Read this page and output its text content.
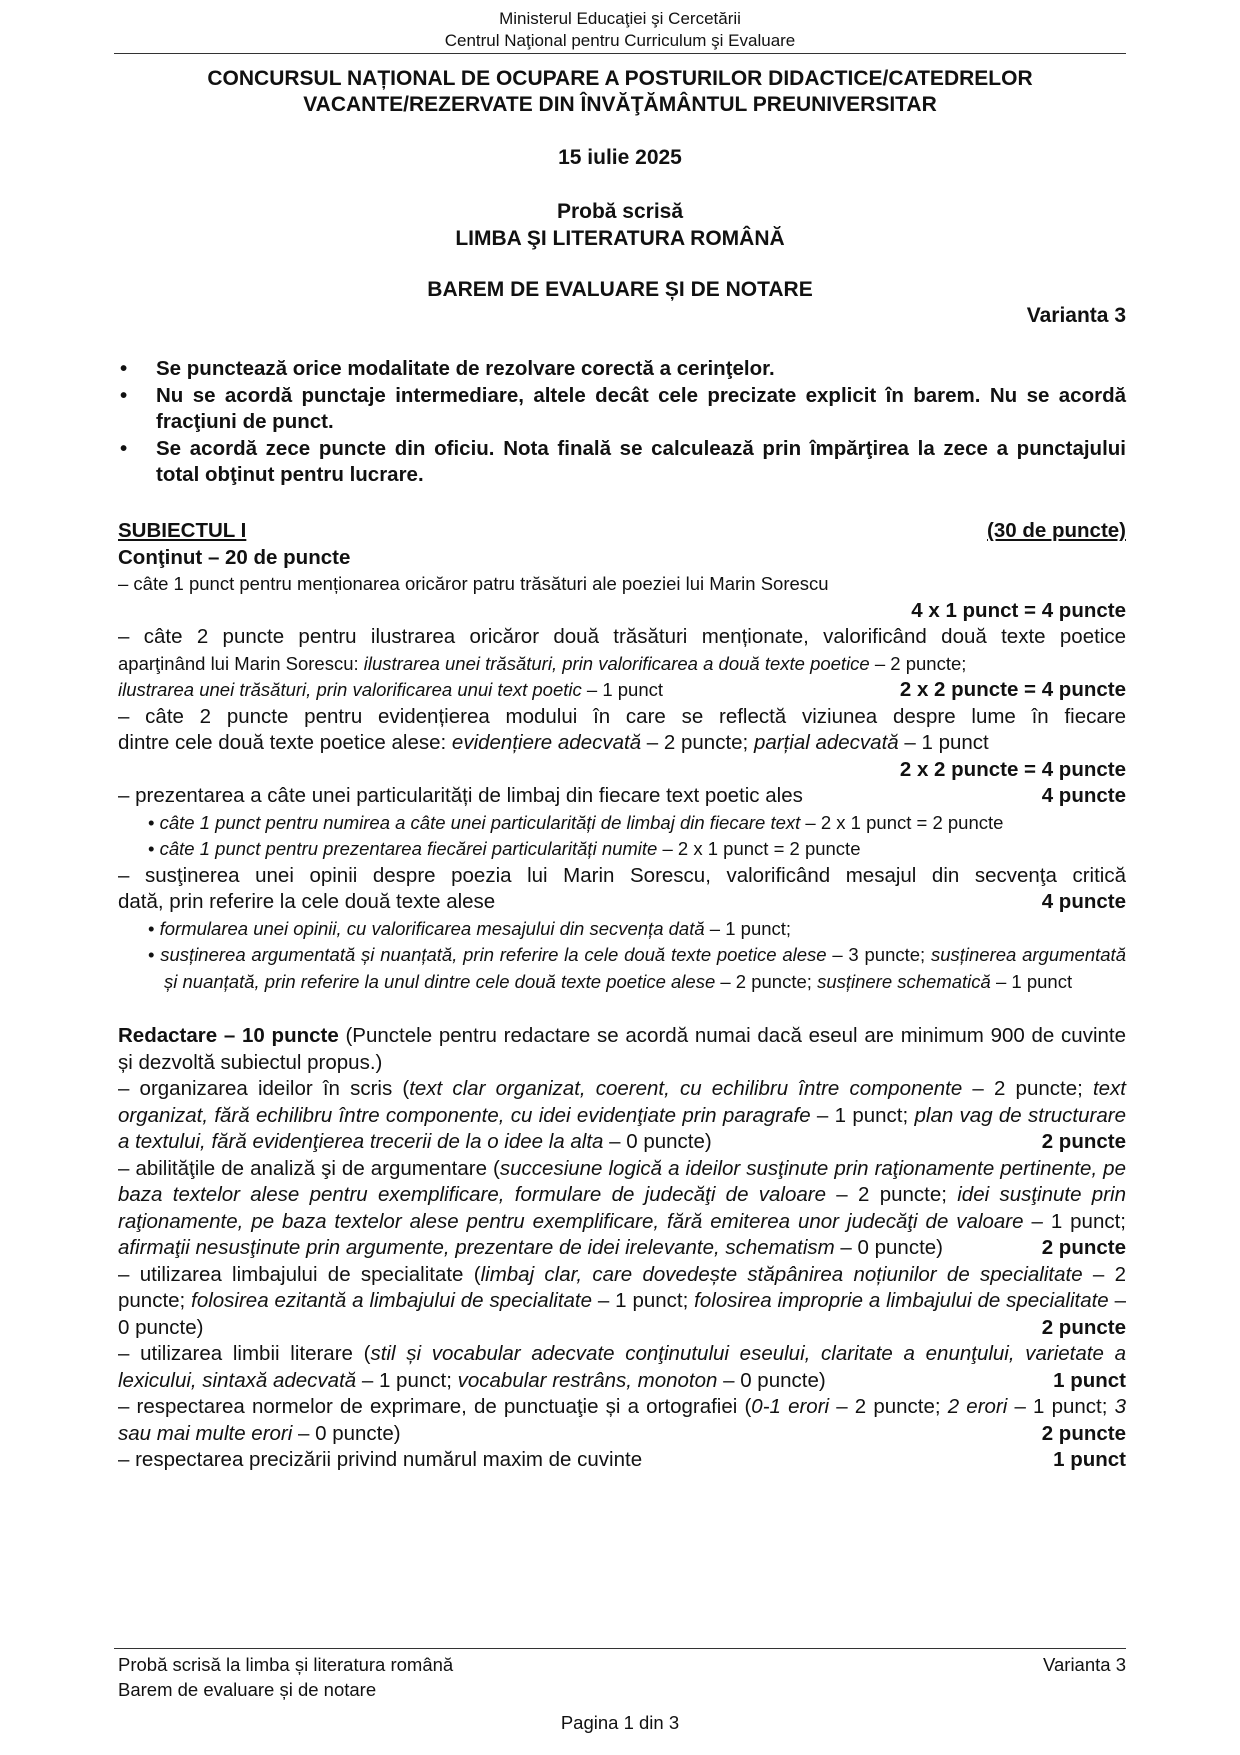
Ministerul Educaţiei şi Cercetării
Centrul Naţional pentru Curriculum şi Evaluare
CONCURSUL NAȚIONAL DE OCUPARE A POSTURILOR DIDACTICE/CATEDRELOR
VACANTE/REZERVATE DIN ÎNVĂŢĂMÂNTUL PREUNIVERSITAR
15 iulie 2025
Probă scrisă
LIMBA ŞI LITERATURA ROMÂNĂ
BAREM DE EVALUARE ȘI DE NOTARE
Varianta 3
• Se punctează orice modalitate de rezolvare corectă a cerinţelor.
• Nu se acordă punctaje intermediare, altele decât cele precizate explicit în barem. Nu se acordă fracţiuni de punct.
• Se acordă zece puncte din oficiu. Nota finală se calculează prin împărţirea la zece a punctajului total obţinut pentru lucrare.
SUBIECTUL I	(30 de puncte)
Conţinut – 20 de puncte
– câte 1 punct pentru menționarea oricăror patru trăsături ale poeziei lui Marin Sorescu
4 x 1 punct = 4 puncte
– câte 2 puncte pentru ilustrarea oricăror două trăsături menționate, valorificând două texte poetice
aparţinând lui Marin Sorescu: ilustrarea unei trăsături, prin valorificarea a două texte poetice – 2 puncte;
ilustrarea unei trăsături, prin valorificarea unui text poetic – 1 punct	2 x 2 puncte = 4 puncte
– câte 2 puncte pentru evidențierea modului în care se reflectă viziunea despre lume în fiecare
dintre cele două texte poetice alese: evidențiere adecvată – 2 puncte; parțial adecvată – 1 punct
2 x 2 puncte = 4 puncte
– prezentarea a câte unei particularități de limbaj din fiecare text poetic ales	4 puncte
• câte 1 punct pentru numirea a câte unei particularități de limbaj din fiecare text – 2 x 1 punct = 2 puncte
• câte 1 punct pentru prezentarea fiecărei particularități numite – 2 x 1 punct = 2 puncte
– susţinerea unei opinii despre poezia lui Marin Sorescu, valorificând mesajul din secvenţa critică
dată, prin referire la cele două texte alese	4 puncte
• formularea unei opinii, cu valorificarea mesajului din secvența dată – 1 punct;
• susținerea argumentată și nuanțată, prin referire la cele două texte poetice alese – 3 puncte; susținerea argumentată și nuanțată, prin referire la unul dintre cele două texte poetice alese – 2 puncte; susținere schematică – 1 punct
Redactare – 10 puncte (Punctele pentru redactare se acordă numai dacă eseul are minimum 900 de cuvinte și dezvoltă subiectul propus.)
– organizarea ideilor în scris (text clar organizat, coerent, cu echilibru între componente – 2 puncte; text organizat, fără echilibru între componente, cu idei evidenţiate prin paragrafe – 1 punct; plan vag de structurare a textului, fără evidenţierea trecerii de la o idee la alta – 0 puncte)	2 puncte
– abilităţile de analiză şi de argumentare (succesiune logică a ideilor susţinute prin raţionamente pertinente, pe baza textelor alese pentru exemplificare, formulare de judecăţi de valoare – 2 puncte; idei susţinute prin raţionamente, pe baza textelor alese pentru exemplificare, fără emiterea unor judecăţi de valoare – 1 punct; afirmaţii nesusţinute prin argumente, prezentare de idei irelevante, schematism – 0 puncte)	2 puncte
– utilizarea limbajului de specialitate (limbaj clar, care dovedește stăpânirea noțiunilor de specialitate – 2 puncte; folosirea ezitantă a limbajului de specialitate – 1 punct; folosirea improprie a limbajului de specialitate – 0 puncte)	2 puncte
– utilizarea limbii literare (stil și vocabular adecvate conţinutului eseului, claritate a enunţului, varietate a lexicului, sintaxă adecvată – 1 punct; vocabular restrâns, monoton – 0 puncte)	1 punct
– respectarea normelor de exprimare, de punctuaţie și a ortografiei (0-1 erori – 2 puncte; 2 erori – 1 punct; 3 sau mai multe erori – 0 puncte)	2 puncte
– respectarea precizării privind numărul maxim de cuvinte	1 punct
Probă scrisă la limba și literatura română
Barem de evaluare și de notare
Varianta 3
Pagina 1 din 3
